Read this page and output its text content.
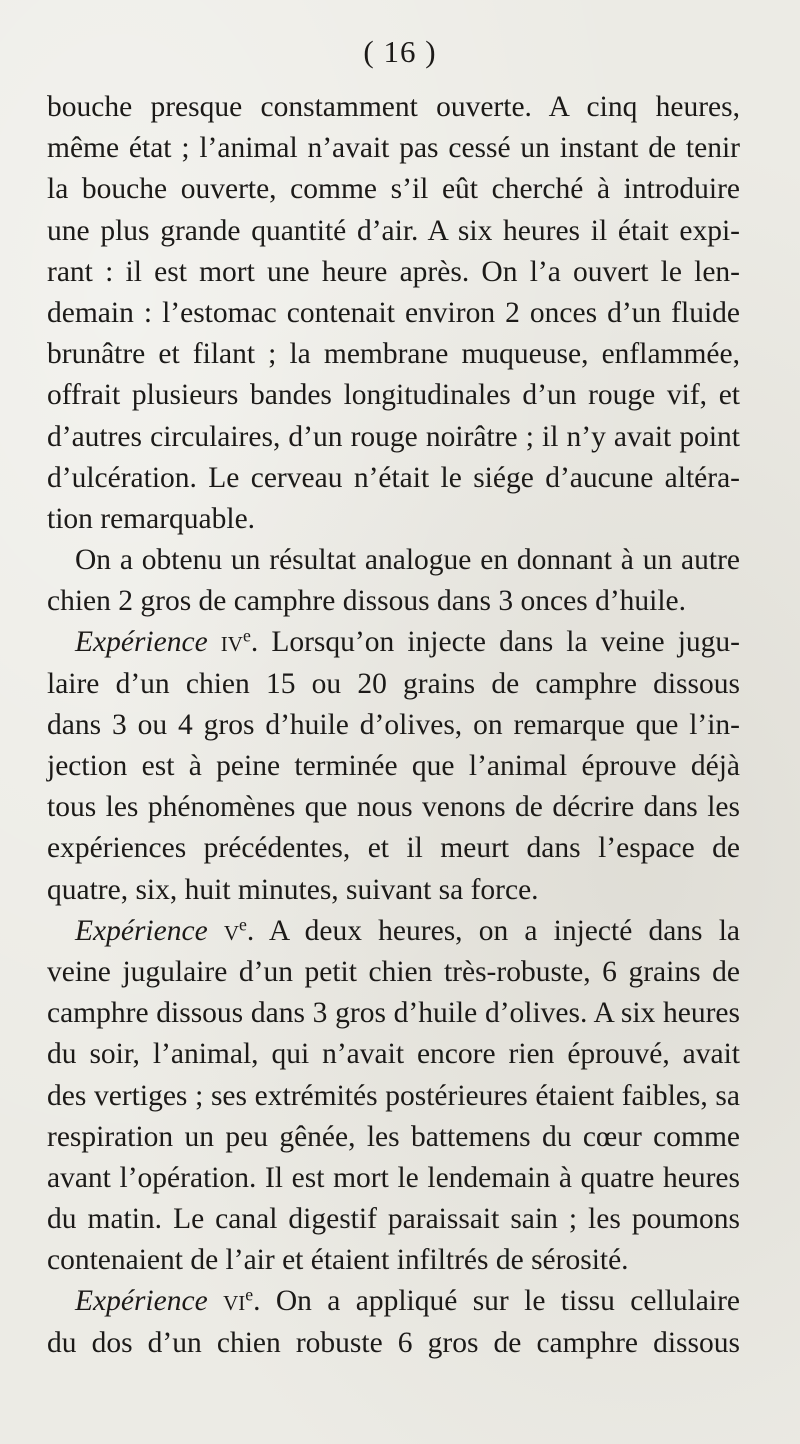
( 16 )
bouche presque constamment ouverte. A cinq heures,
même état ; l’animal n’avait pas cessé un instant de tenir
la bouche ouverte, comme s’il eût cherché à introduire
une plus grande quantité d’air. A six heures il était expi-
rant : il est mort une heure après. On l’a ouvert le len-
demain : l’estomac contenait environ 2 onces d’un fluide
brunâtre et filant ; la membrane muqueuse, enflammée,
offrait plusieurs bandes longitudinales d’un rouge vif, et
d’autres circulaires, d’un rouge noirâtre ; il n’y avait point
d’ulcération. Le cerveau n’était le siége d’aucune altéra-
tion remarquable.
On a obtenu un résultat analogue en donnant à un autre
chien 2 gros de camphre dissous dans 3 onces d’huile.
Expérience $iv^e$. Lorsqu’on injecte dans la veine jugu-
laire d’un chien 15 ou 20 grains de camphre dissous
dans 3 ou 4 gros d’huile d’olives, on remarque que l’in-
jection est à peine terminée que l’animal éprouve déjà
tous les phénomènes que nous venons de décrire dans les
expériences précédentes, et il meurt dans l’espace de
quatre, six, huit minutes, suivant sa force.
Expérience $v^e$. A deux heures, on a injecté dans la
veine jugulaire d’un petit chien très-robuste, 6 grains de
camphre dissous dans 3 gros d’huile d’olives. A six heures
du soir, l’animal, qui n’avait encore rien éprouvé, avait
des vertiges ; ses extrémités postérieures étaient faibles, sa
respiration un peu gênée, les battemens du cœur comme
avant l’opération. Il est mort le lendemain à quatre heures
du matin. Le canal digestif paraissait sain ; les poumons
contenaient de l’air et étaient infiltrés de sérosité.
Expérience $vi^e$. On a appliqué sur le tissu cellulaire
du dos d’un chien robuste 6 gros de camphre dissous
